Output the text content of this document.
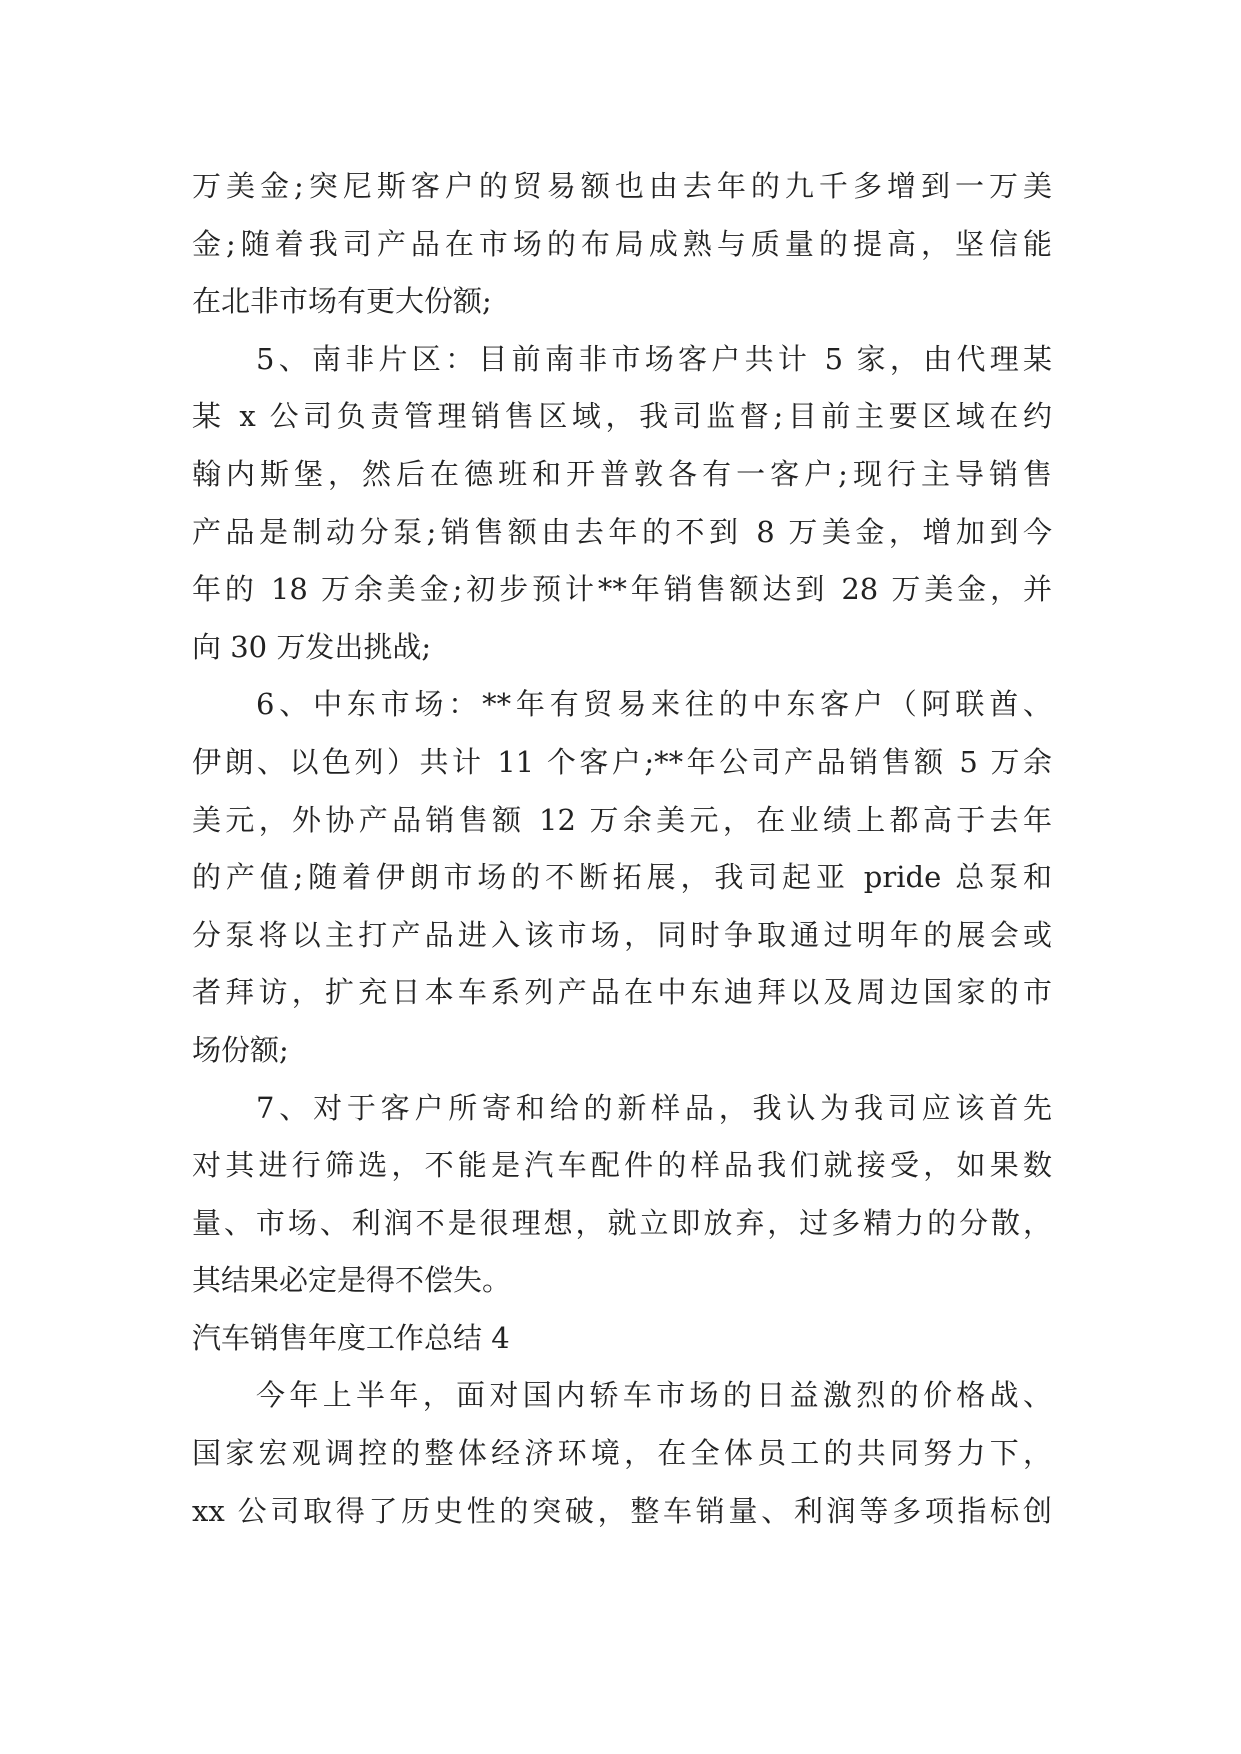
万美金;突尼斯客户的贸易额也由去年的九千多增到一万美
金;随着我司产品在市场的布局成熟与质量的提高，坚信能
在北非市场有更大份额;
5、南非片区：目前南非市场客户共计 5 家，由代理某
某 x 公司负责管理销售区域，我司监督;目前主要区域在约
翰内斯堡，然后在德班和开普敦各有一客户;现行主导销售
产品是制动分泵;销售额由去年的不到 8 万美金，增加到今
年的 18 万余美金;初步预计**年销售额达到 28 万美金，并
向 30 万发出挑战;
6、中东市场：**年有贸易来往的中东客户（阿联酋、
伊朗、以色列）共计 11 个客户;**年公司产品销售额 5 万余
美元，外协产品销售额 12 万余美元，在业绩上都高于去年
的产值;随着伊朗市场的不断拓展，我司起亚 pride 总泵和
分泵将以主打产品进入该市场，同时争取通过明年的展会或
者拜访，扩充日本车系列产品在中东迪拜以及周边国家的市
场份额;
7、对于客户所寄和给的新样品，我认为我司应该首先
对其进行筛选，不能是汽车配件的样品我们就接受，如果数
量、市场、利润不是很理想，就立即放弃，过多精力的分散，
其结果必定是得不偿失。
汽车销售年度工作总结 4
今年上半年，面对国内轿车市场的日益激烈的价格战、
国家宏观调控的整体经济环境，在全体员工的共同努力下，
xx 公司取得了历史性的突破，整车销量、利润等多项指标创
